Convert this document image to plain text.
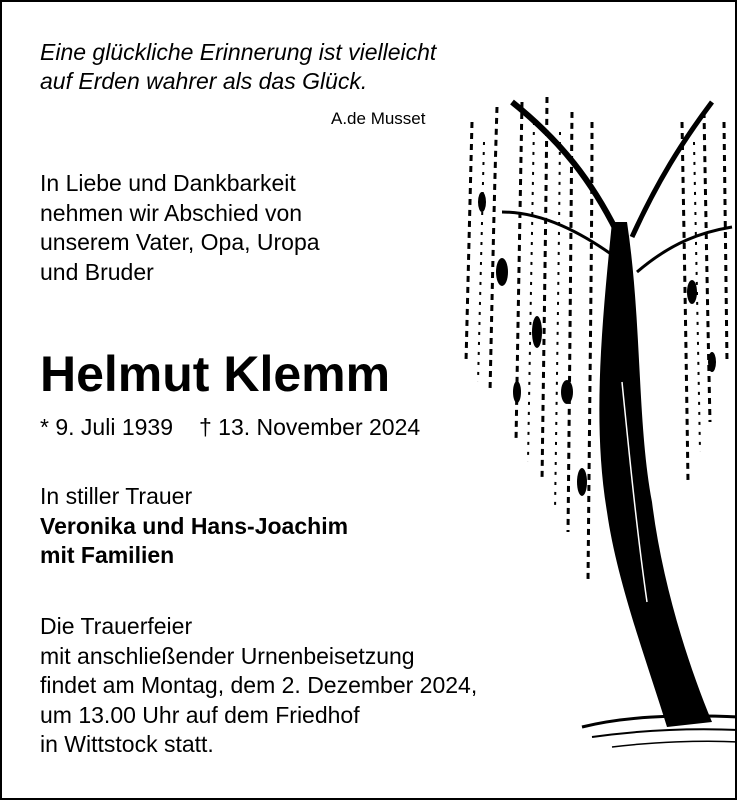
Eine glückliche Erinnerung ist vielleicht
auf Erden wahrer als das Glück.
A.de Musset
In Liebe und Dankbarkeit
nehmen wir Abschied von
unserem Vater, Opa, Uropa
und Bruder
Helmut Klemm
* 9. Juli 1939 † 13. November 2024
In stiller Trauer
Veronika und Hans-Joachim
mit Familien
Die Trauerfeier
mit anschließender Urnenbeisetzung
findet am Montag, dem 2. Dezember 2024,
um 13.00 Uhr auf dem Friedhof
in Wittstock statt.
